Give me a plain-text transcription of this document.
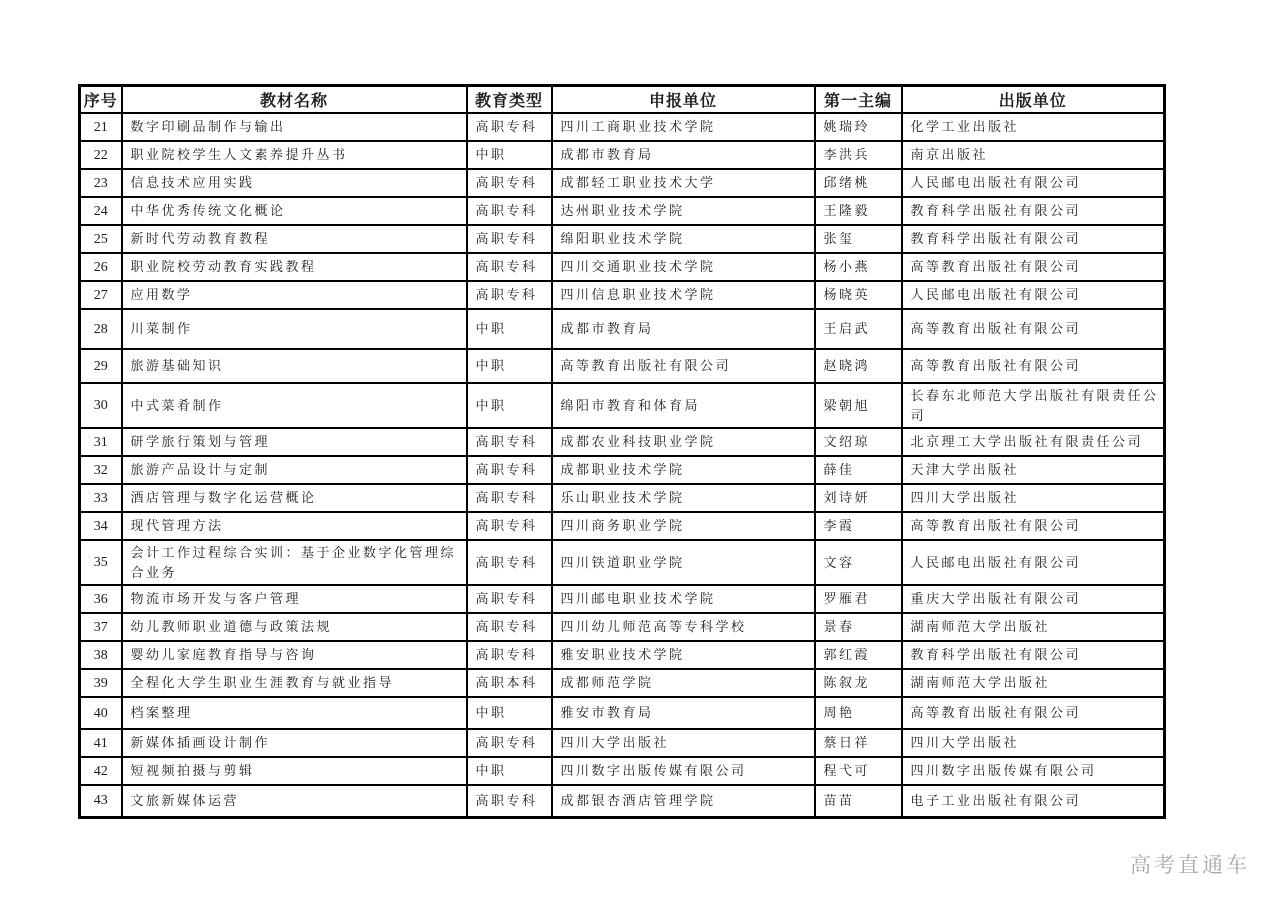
序号	教材名称	教育类型	申报单位	第一主编	出版单位
21	数字印刷品制作与输出	高职专科	四川工商职业技术学院	姚瑞玲	化学工业出版社
22	职业院校学生人文素养提升丛书	中职	成都市教育局	李洪兵	南京出版社
23	信息技术应用实践	高职专科	成都轻工职业技术大学	邱绪桃	人民邮电出版社有限公司
24	中华优秀传统文化概论	高职专科	达州职业技术学院	王隆毅	教育科学出版社有限公司
25	新时代劳动教育教程	高职专科	绵阳职业技术学院	张玺	教育科学出版社有限公司
26	职业院校劳动教育实践教程	高职专科	四川交通职业技术学院	杨小燕	高等教育出版社有限公司
27	应用数学	高职专科	四川信息职业技术学院	杨晓英	人民邮电出版社有限公司
28	川菜制作	中职	成都市教育局	王启武	高等教育出版社有限公司
29	旅游基础知识	中职	高等教育出版社有限公司	赵晓鸿	高等教育出版社有限公司
30	中式菜肴制作	中职	绵阳市教育和体育局	梁朝旭	长春东北师范大学出版社有限责任公司
31	研学旅行策划与管理	高职专科	成都农业科技职业学院	文绍琼	北京理工大学出版社有限责任公司
32	旅游产品设计与定制	高职专科	成都职业技术学院	薛佳	天津大学出版社
33	酒店管理与数字化运营概论	高职专科	乐山职业技术学院	刘诗妍	四川大学出版社
34	现代管理方法	高职专科	四川商务职业学院	李霞	高等教育出版社有限公司
35	会计工作过程综合实训：基于企业数字化管理综合业务	高职专科	四川铁道职业学院	文容	人民邮电出版社有限公司
36	物流市场开发与客户管理	高职专科	四川邮电职业技术学院	罗雁君	重庆大学出版社有限公司
37	幼儿教师职业道德与政策法规	高职专科	四川幼儿师范高等专科学校	景春	湖南师范大学出版社
38	婴幼儿家庭教育指导与咨询	高职专科	雅安职业技术学院	郭红霞	教育科学出版社有限公司
39	全程化大学生职业生涯教育与就业指导	高职本科	成都师范学院	陈叙龙	湖南师范大学出版社
40	档案整理	中职	雅安市教育局	周艳	高等教育出版社有限公司
41	新媒体插画设计制作	高职专科	四川大学出版社	蔡日祥	四川大学出版社
42	短视频拍摄与剪辑	中职	四川数字出版传媒有限公司	程弋可	四川数字出版传媒有限公司
43	文旅新媒体运营	高职专科	成都银杏酒店管理学院	苗苗	电子工业出版社有限公司
高考直通车
